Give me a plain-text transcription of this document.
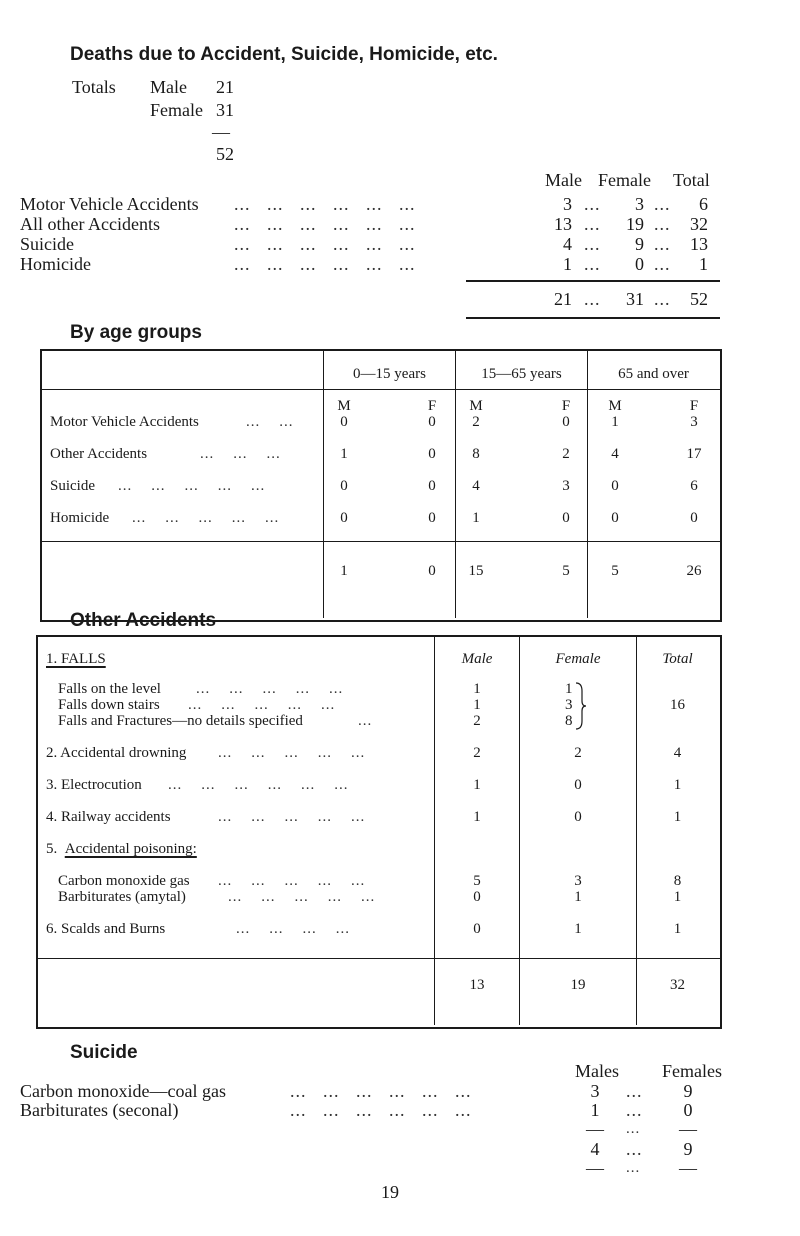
Deaths due to Accident, Suicide, Homicide, etc.
Totals Male	21
Female 31
—
52
Male Female Total
Motor Vehicle Accidents ...   ...   ...   ...   ...   ...	3 ...	3 ...	6
All other Accidents	...   ...   ...   ...   ...   ...	13 ...	19 ...	32
Suicide	...   ...   ...   ...   ...   ...	4 ...	9 ...	13
Homicide	...   ...   ...   ...   ...   ...	1 ...	0 ...	1
21 ...	31 ...	52
By age groups
0—15 years	15—65 years	65 and over
M	F	M	F	M	F
Motor Vehicle Accidents	...    ...	0	0	2	0	1	3
Other Accidents	...    ...    ...	1	0	8	2	4	17
Suicide ...    ...    ...    ...    ...	0	0	4	3	0	6
Homicide ...    ...    ...    ...    ...	0	0	1	0	0	0
1	0	15	5	5	26
Other Accidents
1. FALLS	Male	Female	Total
Falls on the level ...    ...    ...    ...    ...	1	1
Falls down stairs ...    ...    ...    ...    ...	1	3
Falls and Fractures—no details specified	...	2	8
16
2. Accidental drowning ...    ...    ...    ...    ...	2	2	4
3. Electrocution ...    ...    ...    ...    ...    ...	1	0	1
4. Railway accidents	...    ...    ...    ...    ...	1	0	1
5. Accidental poisoning:
Carbon monoxide gas ...    ...    ...    ...    ...	5	3	8
Barbiturates (amytal)	...    ...    ...    ...    ...	0	1	1
6. Scalds and Burns	...    ...    ...    ...	0	1	1
13	19	32
Suicide
Males Females
Carbon monoxide—coal gas	...   ...   ...   ...   ...   ...	3	...	9
Barbiturates (seconal)	...   ...   ...   ...   ...   ...	1	...	0
— ... —
4	...	9
— ... —
19
